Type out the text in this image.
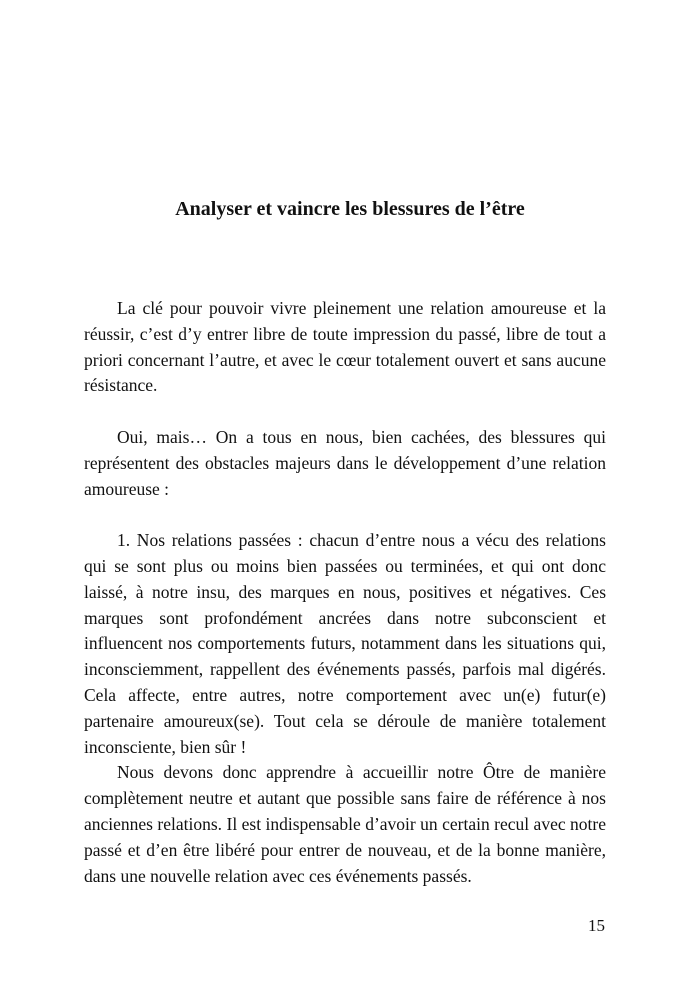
Analyser et vaincre les blessures de l’être

La clé pour pouvoir vivre pleinement une relation amoureuse et la réussir, c’est d’y entrer libre de toute impression du passé, libre de tout a priori concernant l’autre, et avec le cœur totalement ouvert et sans aucune résistance.

Oui, mais… On a tous en nous, bien cachées, des blessures qui représentent des obstacles majeurs dans le développement d’une relation amoureuse :

1. Nos relations passées : chacun d’entre nous a vécu des relations qui se sont plus ou moins bien passées ou terminées, et qui ont donc laissé, à notre insu, des marques en nous, positives et négatives. Ces marques sont profondément ancrées dans notre subconscient et influencent nos comportements futurs, notamment dans les situations qui, inconsciemment, rappellent des événements passés, parfois mal digérés. Cela affecte, entre autres, notre comportement avec un(e) futur(e) partenaire amoureux(se). Tout cela se déroule de manière totalement inconsciente, bien sûr !

Nous devons donc apprendre à accueillir notre Ôtre de manière complètement neutre et autant que possible sans faire de référence à nos anciennes relations. Il est indispensable d’avoir un certain recul avec notre passé et d’en être libéré pour entrer de nouveau, et de la bonne manière, dans une nouvelle relation avec ces événements passés.

15
